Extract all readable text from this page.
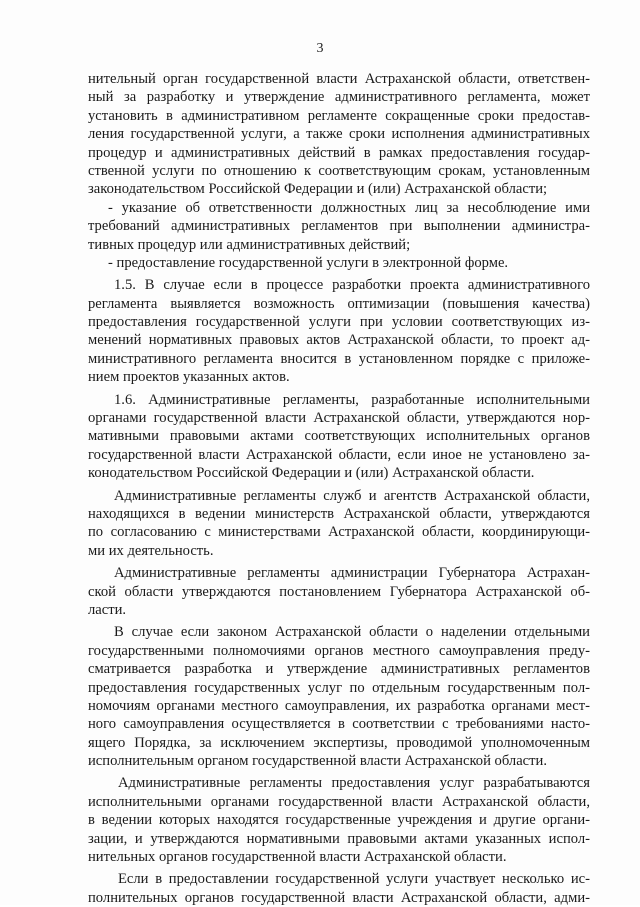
3
нительный орган государственной власти Астраханской области, ответствен-
ный за разработку и утверждение административного регламента, может
установить в административном регламенте сокращенные сроки предостав-
ления государственной услуги, а также сроки исполнения административных
процедур и административных действий в рамках предоставления государ-
ственной услуги по отношению к соответствующим срокам, установленным
законодательством Российской Федерации и (или) Астраханской области;
- указание об ответственности должностных лиц за несоблюдение ими
требований административных регламентов при выполнении администра-
тивных процедур или административных действий;
- предоставление государственной услуги в электронной форме.
1.5. В случае если в процессе разработки проекта административного
регламента выявляется возможность оптимизации (повышения качества)
предоставления государственной услуги при условии соответствующих из-
менений нормативных правовых актов Астраханской области, то проект ад-
министративного регламента вносится в установленном порядке с приложе-
нием проектов указанных актов.
1.6. Административные регламенты, разработанные исполнительными
органами государственной власти Астраханской области, утверждаются нор-
мативными правовыми актами соответствующих исполнительных органов
государственной власти Астраханской области, если иное не установлено за-
конодательством Российской Федерации и (или) Астраханской области.
Административные регламенты служб и агентств Астраханской области,
находящихся в ведении министерств Астраханской области, утверждаются
по согласованию с министерствами Астраханской области, координирующи-
ми их деятельность.
Административные регламенты администрации Губернатора Астрахан-
ской области утверждаются постановлением Губернатора Астраханской об-
ласти.
В случае если законом Астраханской области о наделении отдельными
государственными полномочиями органов местного самоуправления преду-
сматривается разработка и утверждение административных регламентов
предоставления государственных услуг по отдельным государственным пол-
номочиям органами местного самоуправления, их разработка органами мест-
ного самоуправления осуществляется в соответствии с требованиями насто-
ящего Порядка, за исключением экспертизы, проводимой уполномоченным
исполнительным органом государственной власти Астраханской области.
Административные регламенты предоставления услуг разрабатываются
исполнительными органами государственной власти Астраханской области,
в ведении которых находятся государственные учреждения и другие органи-
зации, и утверждаются нормативными правовыми актами указанных испол-
нительных органов государственной власти Астраханской области.
Если в предоставлении государственной услуги участвует несколько ис-
полнительных органов государственной власти Астраханской области, адми-
